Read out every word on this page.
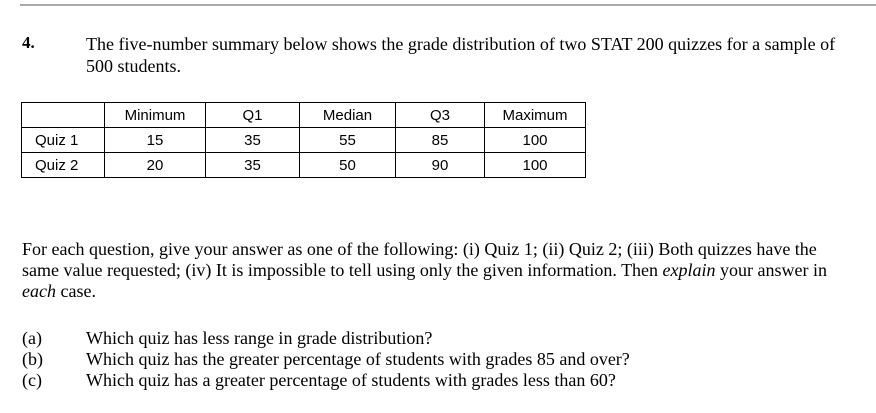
4.	The five-number summary below shows the grade distribution of two STAT 200 quizzes for a sample of 500 students.
	Minimum	Q1	Median	Q3	Maximum
Quiz 1	15	35	55	85	100
Quiz 2	20	35	50	90	100
For each question, give your answer as one of the following: (i) Quiz 1; (ii) Quiz 2; (iii) Both quizzes have the same value requested; (iv) It is impossible to tell using only the given information. Then explain your answer in each case.
(a) Which quiz has less range in grade distribution?
(b) Which quiz has the greater percentage of students with grades 85 and over?
(c) Which quiz has a greater percentage of students with grades less than 60?
